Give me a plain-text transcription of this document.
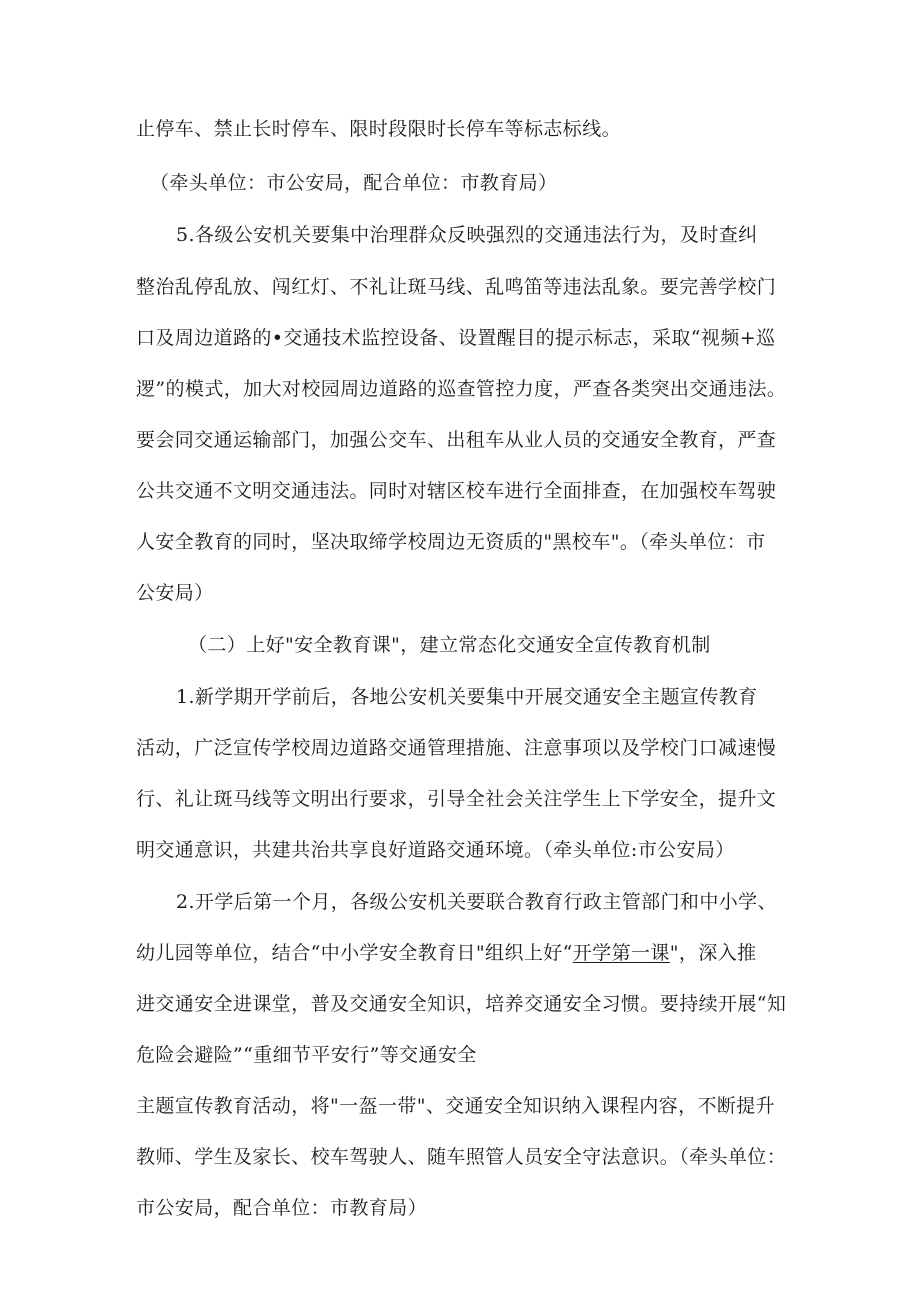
止停车、禁止长时停车、限时段限时长停车等标志标线。
（牵头单位：市公安局，配合单位：市教育局）
5.各级公安机关要集中治理群众反映强烈的交通违法行为，及时查纠
整治乱停乱放、闯红灯、不礼让斑马线、乱鸣笛等违法乱象。要完善学校门
口及周边道路的•交通技术监控设备、设置醒目的提示标志，采取“视频+巡
逻”的模式，加大对校园周边道路的巡查管控力度，严查各类突出交通违法。
要会同交通运输部门，加强公交车、出租车从业人员的交通安全教育，严查
公共交通不文明交通违法。同时对辖区校车进行全面排查，在加强校车驾驶
人安全教育的同时，坚决取缔学校周边无资质的"黑校车"。（牵头单位：市
公安局）
（二）上好"安全教育课"，建立常态化交通安全宣传教育机制
1.新学期开学前后，各地公安机关要集中开展交通安全主题宣传教育
活动，广泛宣传学校周边道路交通管理措施、注意事项以及学校门口减速慢
行、礼让斑马线等文明出行要求，引导全社会关注学生上下学安全，提升文
明交通意识，共建共治共享良好道路交通环境。（牵头单位:市公安局）
2.开学后第一个月，各级公安机关要联合教育行政主管部门和中小学、
幼儿园等单位，结合“中小学安全教育日"组织上好“开学第一课"，深入推
进交通安全进课堂，普及交通安全知识，培养交通安全习惯。要持续开展“知
危险会避险”“重细节平安行”等交通安全
主题宣传教育活动，将"一盔一带"、交通安全知识纳入课程内容，不断提升
教师、学生及家长、校车驾驶人、随车照管人员安全守法意识。（牵头单位：
市公安局，配合单位：市教育局）
